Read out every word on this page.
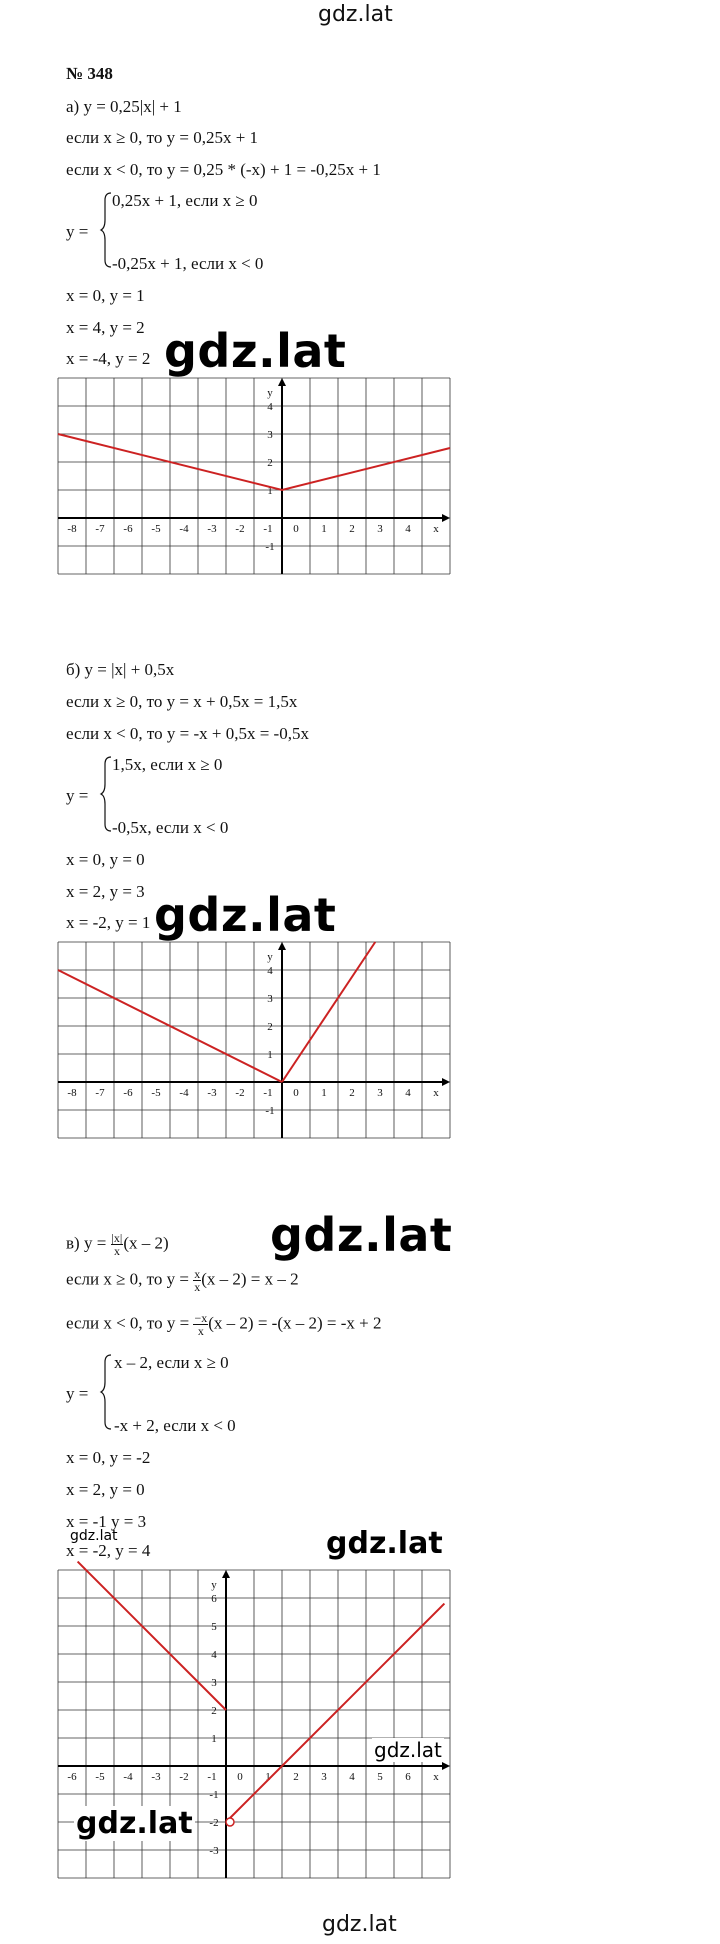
gdz.lat
№ 348
а) y = 0,25|x| + 1
если x ≥ 0, то y = 0,25x + 1
если x < 0, то y = 0,25 * (-x) + 1 = -0,25x + 1
y =
0,25x + 1, если x ≥ 0
-0,25x + 1, если x < 0
x = 0, y = 1
x = 4, y = 2
x = -4, y = 2 gdz.lat
-8 -7 -6 -5 -4 -3 -2 -1 0 1 2 3 4 x
y
4
3
2
1
-1
б) y = |x| + 0,5x
если x ≥ 0, то y = x + 0,5x = 1,5x
если x < 0, то y = -x + 0,5x = -0,5x
y =
1,5x, если x ≥ 0
-0,5x, если x < 0
x = 0, y = 0
x = 2, y = 3
x = -2, y = 1 gdz.lat
-8 -7 -6 -5 -4 -3 -2 -1 0 1 2 3 4 x
y
4
3
2
1
-1
в) $y = \frac{|x|}{x} (x - 2)$ gdz.lat
если x ≥ 0, то $y = \frac{x}{x} (x - 2) = x - 2$
если x < 0, то $y = \frac{-x}{x} (x - 2) = -(x - 2) = -x + 2$
y =
x – 2, если x ≥ 0
-x + 2, если x < 0
x = 0, y = -2
x = 2, y = 0
x = -1 y = 3
gdz.lat
x = -2, y = 4	gdz.lat
-6 -5 -4 -3 -2 -1 0 1 2 3 4 5 6 x
y
6
5
4
3
2
1
-1
-2
-3
gdz.lat
gdz.lat
gdz.lat
